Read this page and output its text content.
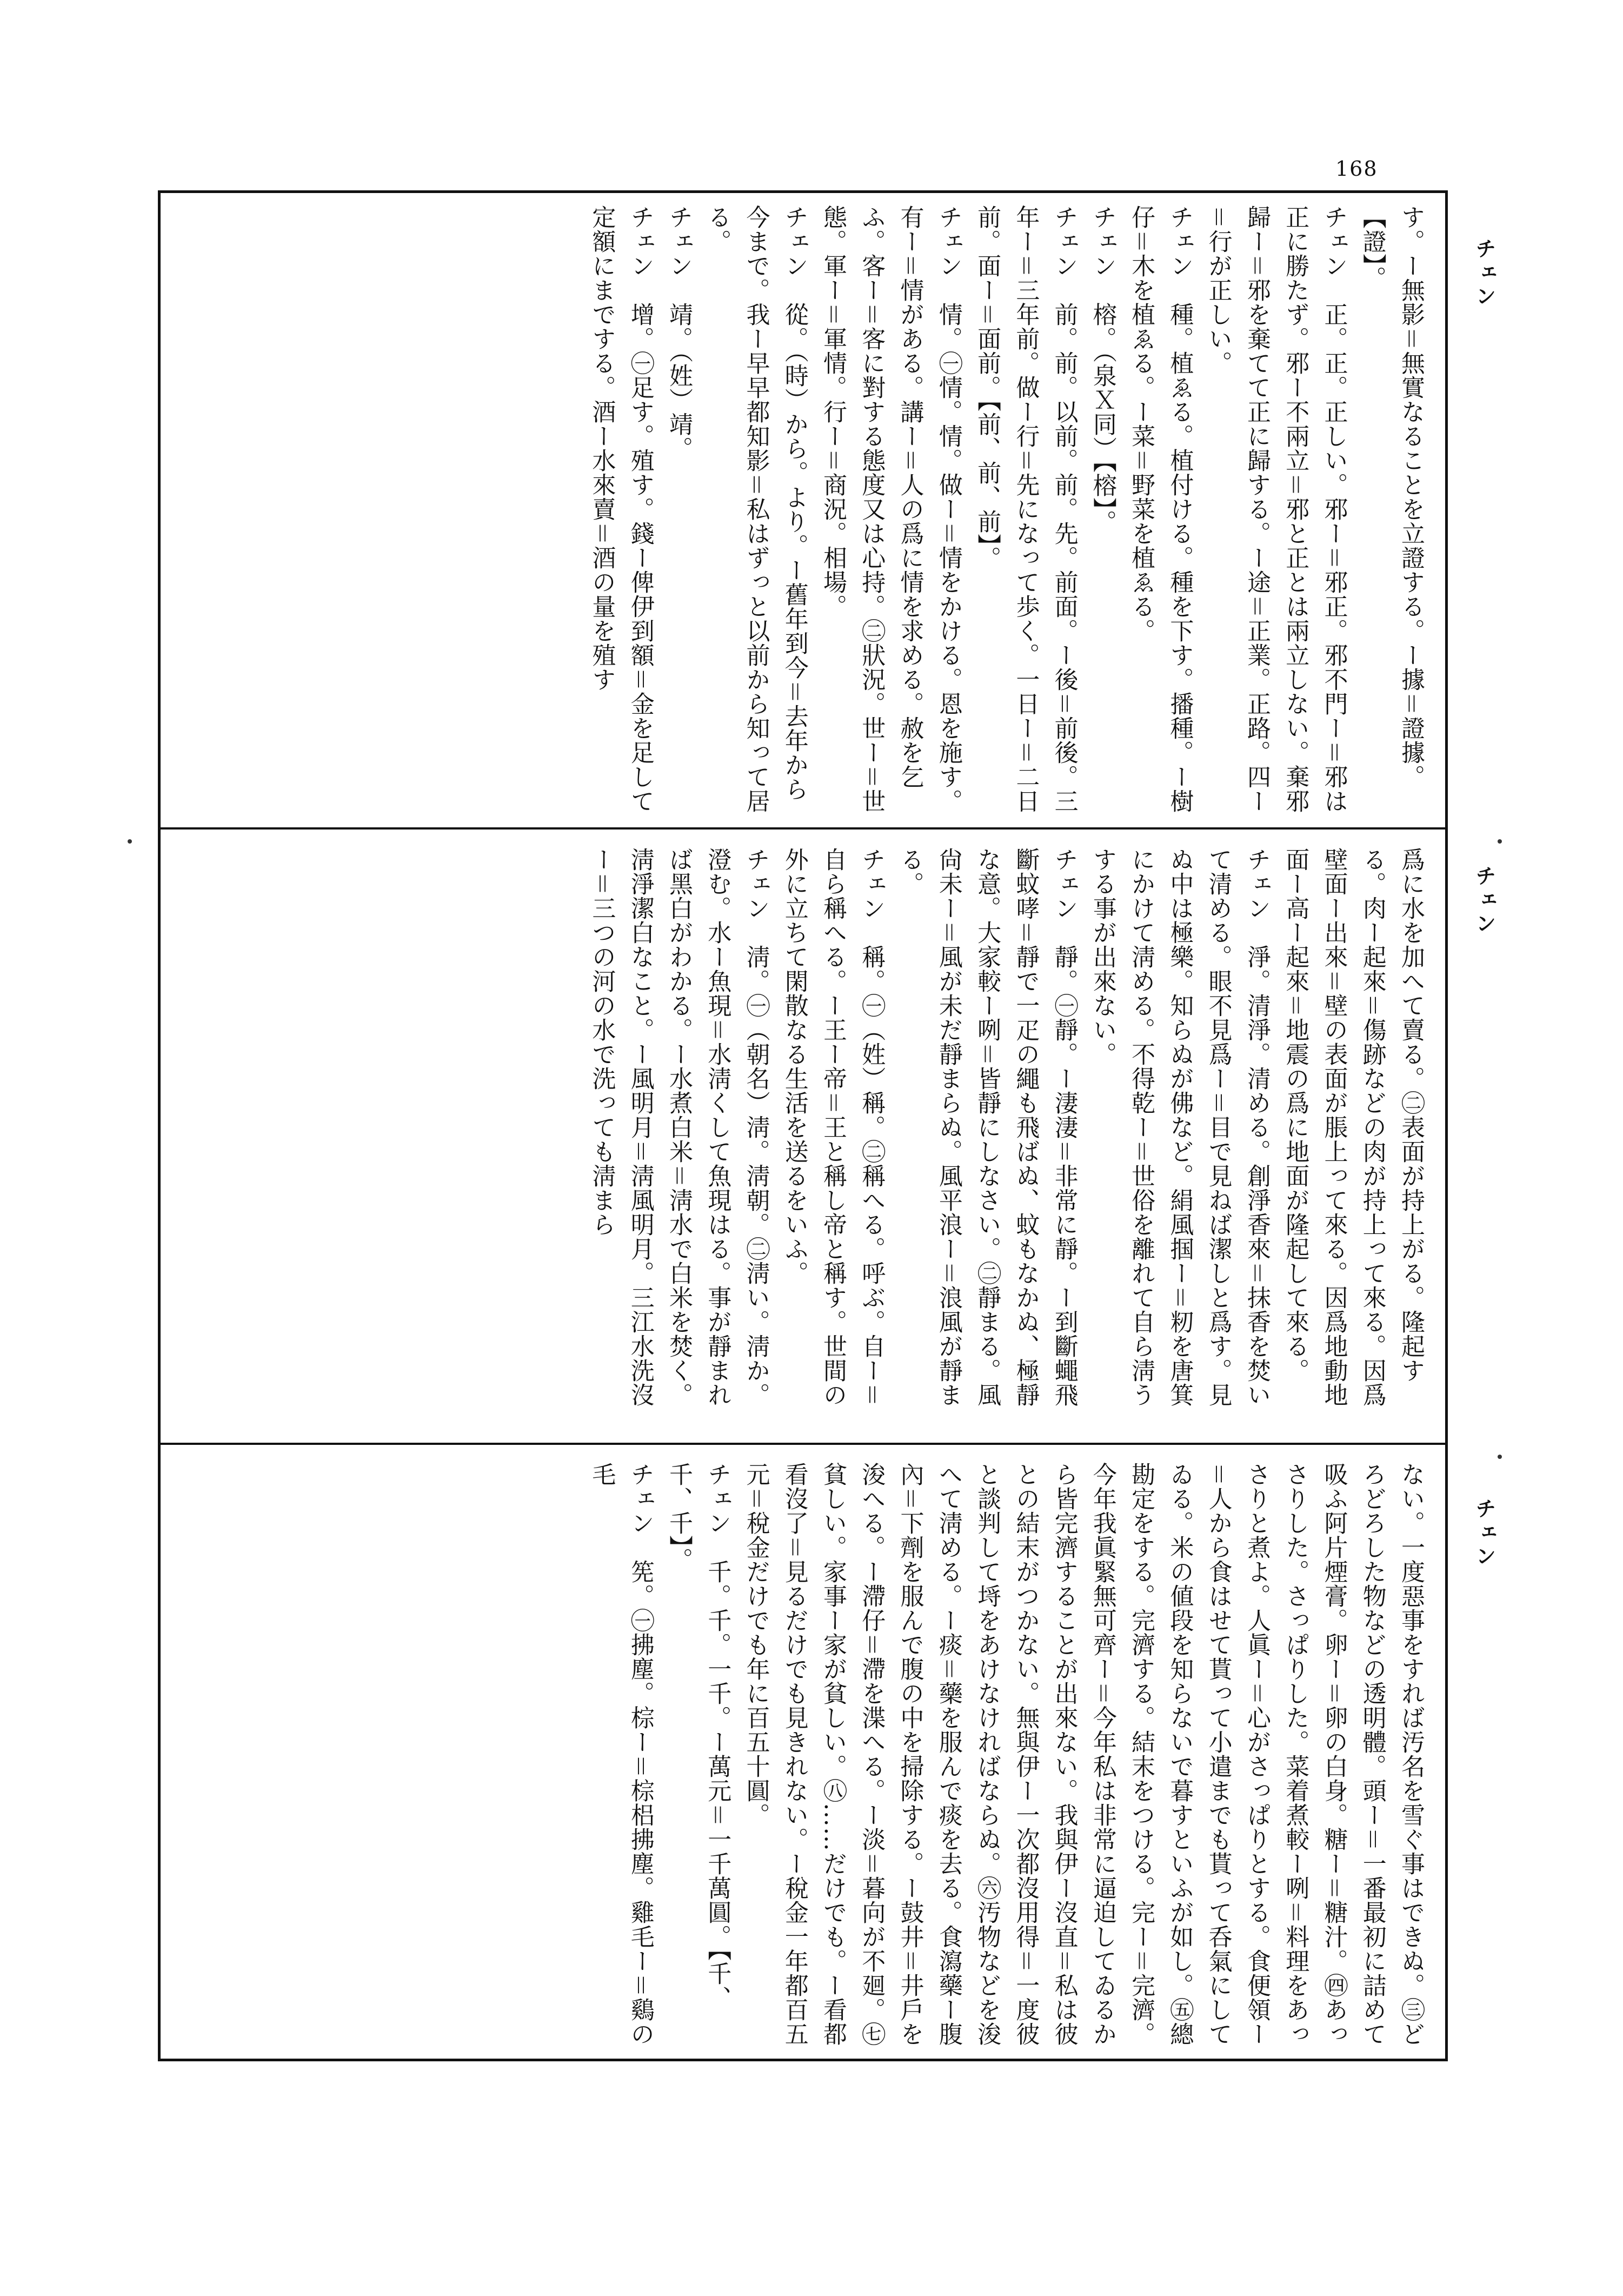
168
チェン
チェン
チェン
す。ー無影＝無實なることを立證する。ー據＝證據。【證】。
チェン　正。正。正しい。邪ー＝邪正。邪不門ー＝邪は正に勝たず。邪ー不兩立＝邪と正とは兩立しない。棄邪歸ー＝邪を棄てて正に歸する。ー途＝正業。正路。四ー＝行が正しい。
チェン　種。植ゑる。植付ける。種を下す。播種。ー樹仔＝木を植ゑる。ー菜＝野菜を植ゑる。
チェン　榕。（泉Ｘ同）【榕】。
チェン　前。前。以前。前。先。前面。ー後＝前後。三年ー＝三年前。做ー行＝先になって歩く。一日ー＝二日前。面ー＝面前。【前、前、前】。
チェン　情。㊀情。情。做ー＝情をかける。恩を施す。有ー＝情がある。講ー＝人の爲に情を求める。赦を乞ふ。客ー＝客に對する態度又は心持。㊁狀況。世ー＝世態。軍ー＝軍情。行ー＝商況。相場。
チェン　從。（時）から。より。ー舊年到今＝去年から今まで。我ー早早都知影＝私はずっと以前から知って居る。
チェン　靖。（姓）靖。
チェン　增。㊀足す。殖す。錢ー俾伊到額＝金を足して定額にまでする。酒ー水來賣＝酒の量を殖す
爲に水を加へて賣る。㊁表面が持上がる。隆起する。肉ー起來＝傷跡などの肉が持上って來る。因爲壁面ー出來＝壁の表面が脹上って來る。因爲地動地面ー高ー起來＝地震の爲に地面が隆起して來る。
チェン　淨。清淨。清める。創淨香來＝抹香を焚いて清める。眼不見爲ー＝目で見ねば潔しと爲す。見ぬ中は極樂。知らぬが佛など。絹風掴ー＝籾を唐箕にかけて淸める。不得乾ー＝世俗を離れて自ら淸うする事が出來ない。
チェン　靜。㊀靜。ー淒淒＝非常に靜。ー到斷蠅飛斷蚊哮＝靜で一疋の繩も飛ばぬ、蚊もなかぬ、極靜な意。大家較ー咧＝皆靜にしなさい。㊁靜まる。風尙未ー＝風が未だ靜まらぬ。風平浪ー＝浪風が靜まる。
チェン　稱。㊀（姓）稱。㊁稱へる。呼ぶ。自ー＝自ら稱へる。ー王ー帝＝王と稱し帝と稱す。世間の外に立ちて閑散なる生活を送るをいふ。
チェン　淸。㊀（朝名）淸。淸朝。㊁淸い。淸か。澄む。水ー魚現＝水淸くして魚現はる。事が靜まれば黑白がわかる。ー水煮白米＝淸水で白米を焚く。淸淨潔白なこと。ー風明月＝淸風明月。三江水洗沒ー＝三つの河の水で洗っても淸まら
ない。一度惡事をすれば汚名を雪ぐ事はできぬ。㊂どろどろした物などの透明體。頭ー＝一番最初に詰めて吸ふ阿片煙膏。卵ー＝卵の白身。糖ー＝糖汁。㊃あっさりした。さっぱりした。菜着煮較ー咧＝料理をあっさりと煮よ。人眞ー＝心がさっぱりとする。食便領ー＝人から食はせて貰って小遣までも貰って呑氣にしてゐる。米の値段を知らないで暮すといふが如し。㊄總勘定をする。完濟する。結末をつける。完ー＝完濟。今年我眞緊無可齊ー＝今年私は非常に逼迫してゐるから皆完濟することが出來ない。我與伊ー沒直＝私は彼との結末がつかない。無與伊ー一次都沒用得＝一度彼と談判して埓をあけなければならぬ。㊅汚物などを浚へて淸める。ー痰＝藥を服んで痰を去る。食瀉藥ー腹內＝下劑を服んで腹の中を掃除する。ー鼓井＝井戶を浚へる。ー滯仔＝滯を渫へる。ー淡＝暮向が不廻。㊆貧しい。家事ー家が貧しい。㊇……だけでも。ー看都看沒了＝見るだけでも見きれない。ー稅金一年都百五元＝稅金だけでも年に百五十圓。
チェン　千。千。一千。ー萬元＝一千萬圓。【千、千、千】。
チェン　筅。㊀拂塵。棕ー＝棕梠拂塵。雞毛ー＝鷄の毛
